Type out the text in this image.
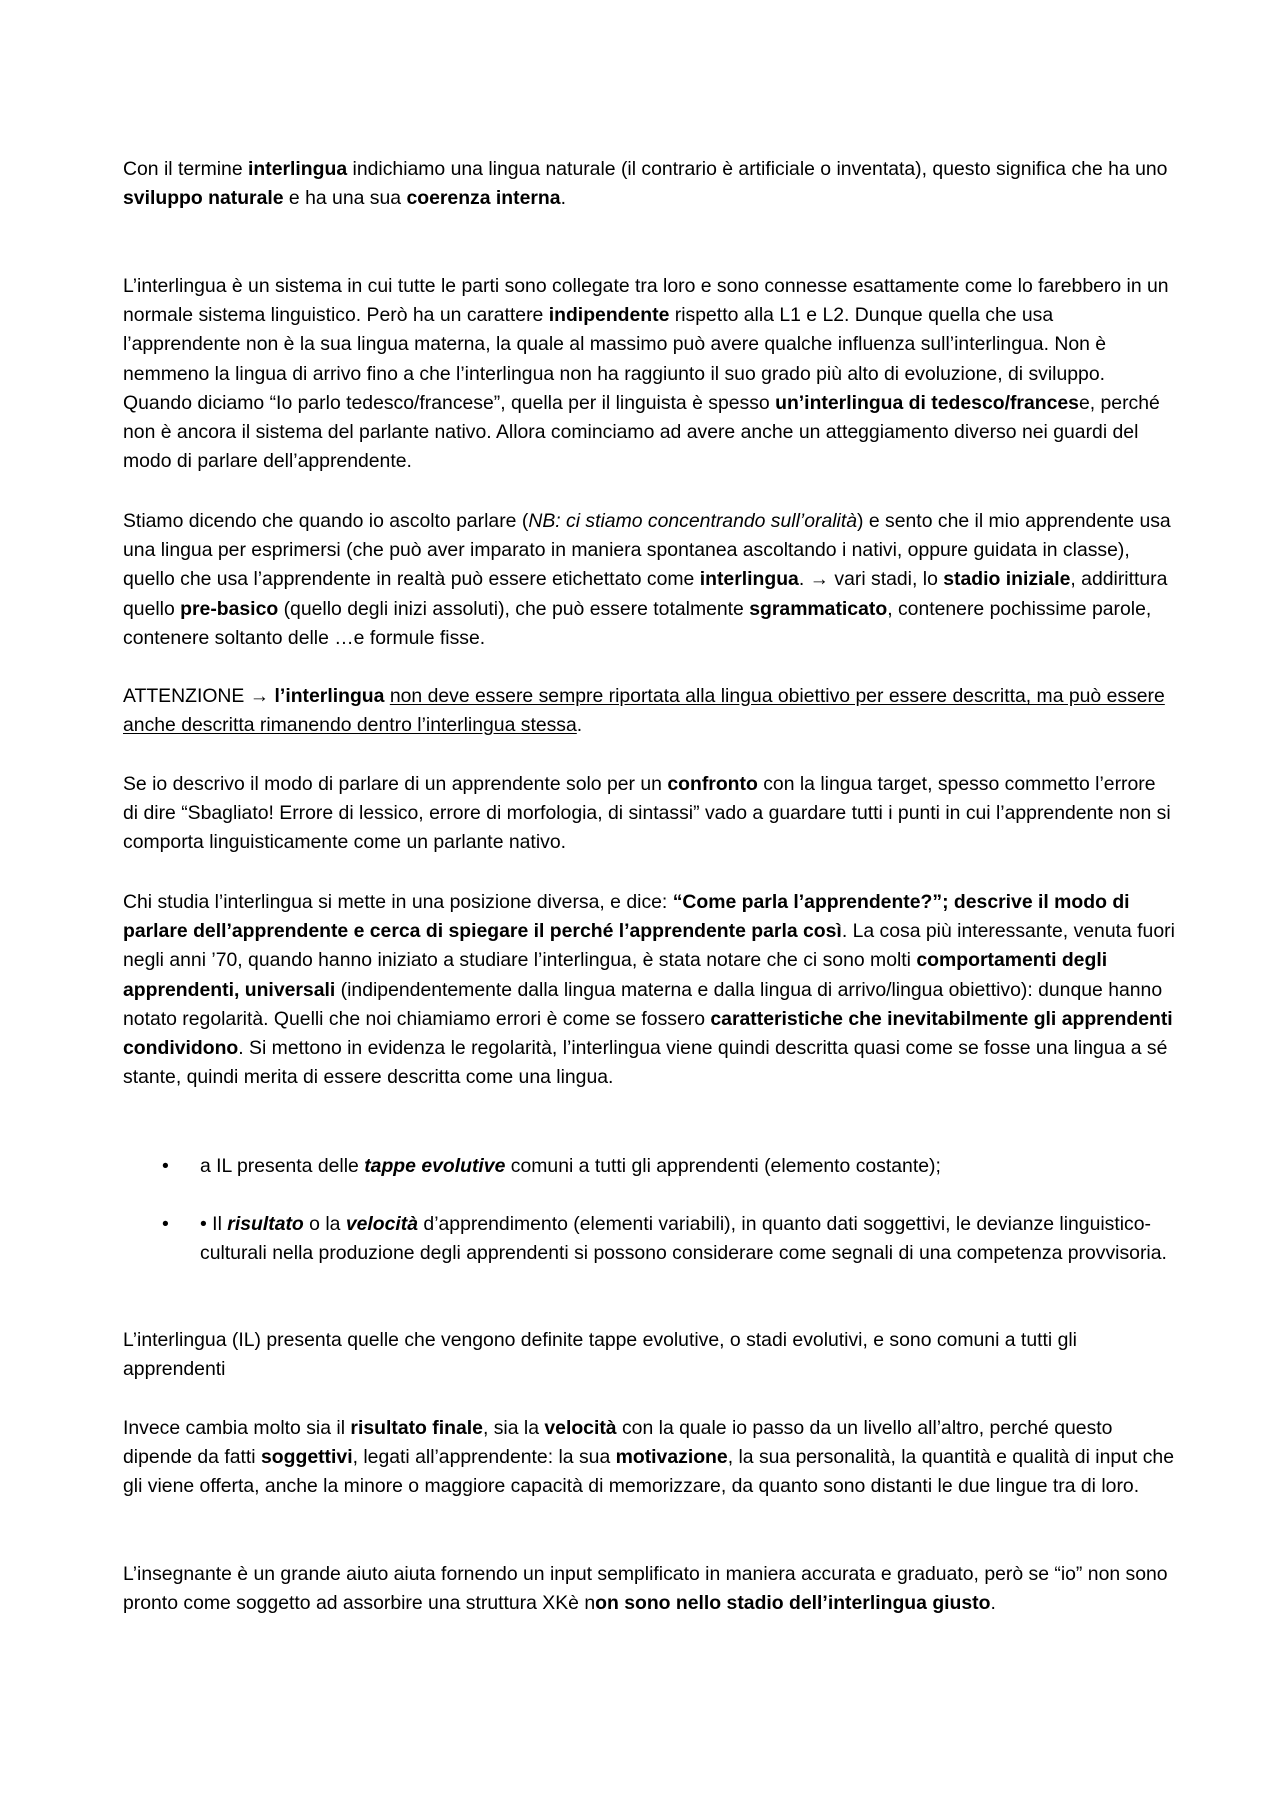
Con il termine interlingua indichiamo una lingua naturale (il contrario è artificiale o inventata), questo significa che ha uno sviluppo naturale e ha una sua coerenza interna.

L’interlingua è un sistema in cui tutte le parti sono collegate tra loro e sono connesse esattamente come lo farebbero in un normale sistema linguistico. Però ha un carattere indipendente rispetto alla L1 e L2. Dunque quella che usa l’apprendente non è la sua lingua materna, la quale al massimo può avere qualche influenza sull’interlingua. Non è nemmeno la lingua di arrivo fino a che l’interlingua non ha raggiunto il suo grado più alto di evoluzione, di sviluppo. Quando diciamo “Io parlo tedesco/francese”, quella per il linguista è spesso un’interlingua di tedesco/francese, perché non è ancora il sistema del parlante nativo. Allora cominciamo ad avere anche un atteggiamento diverso nei guardi del modo di parlare dell’apprendente.

Stiamo dicendo che quando io ascolto parlare (NB: ci stiamo concentrando sull’oralità) e sento che il mio apprendente usa una lingua per esprimersi (che può aver imparato in maniera spontanea ascoltando i nativi, oppure guidata in classe), quello che usa l’apprendente in realtà può essere etichettato come interlingua. → vari stadi, lo stadio iniziale, addirittura quello pre-basico (quello degli inizi assoluti), che può essere totalmente sgrammaticato, contenere pochissime parole, contenere soltanto delle …e formule fisse.

ATTENZIONE → l’interlingua non deve essere sempre riportata alla lingua obiettivo per essere descritta, ma può essere anche descritta rimanendo dentro l’interlingua stessa.

Se io descrivo il modo di parlare di un apprendente solo per un confronto con la lingua target, spesso commetto l’errore di dire “Sbagliato! Errore di lessico, errore di morfologia, di sintassi” vado a guardare tutti i punti in cui l’apprendente non si comporta linguisticamente come un parlante nativo.

Chi studia l’interlingua si mette in una posizione diversa, e dice: “Come parla l’apprendente?”; descrive il modo di parlare dell’apprendente e cerca di spiegare il perché l’apprendente parla così. La cosa più interessante, venuta fuori negli anni ’70, quando hanno iniziato a studiare l’interlingua, è stata notare che ci sono molti comportamenti degli apprendenti, universali (indipendentemente dalla lingua materna e dalla lingua di arrivo/lingua obiettivo): dunque hanno notato regolarità. Quelli che noi chiamiamo errori è come se fossero caratteristiche che inevitabilmente gli apprendenti condividono. Si mettono in evidenza le regolarità, l’interlingua viene quindi descritta quasi come se fosse una lingua a sé stante, quindi merita di essere descritta come una lingua.

•	a IL presenta delle tappe evolutive comuni a tutti gli apprendenti (elemento costante);

•	• Il risultato o la velocità d’apprendimento (elementi variabili), in quanto dati soggettivi, le devianze linguistico-culturali nella produzione degli apprendenti si possono considerare come segnali di una competenza provvisoria.

L’interlingua (IL) presenta quelle che vengono definite tappe evolutive, o stadi evolutivi, e sono comuni a tutti gli apprendenti

Invece cambia molto sia il risultato finale, sia la velocità con la quale io passo da un livello all’altro, perché questo dipende da fatti soggettivi, legati all’apprendente: la sua motivazione, la sua personalità, la quantità e qualità di input che gli viene offerta, anche la minore o maggiore capacità di memorizzare, da quanto sono distanti le due lingue tra di loro.

L’insegnante è un grande aiuto aiuta fornendo un input semplificato in maniera accurata e graduato, però se “io” non sono pronto come soggetto ad assorbire una struttura XKè non sono nello stadio dell’interlingua giusto.
